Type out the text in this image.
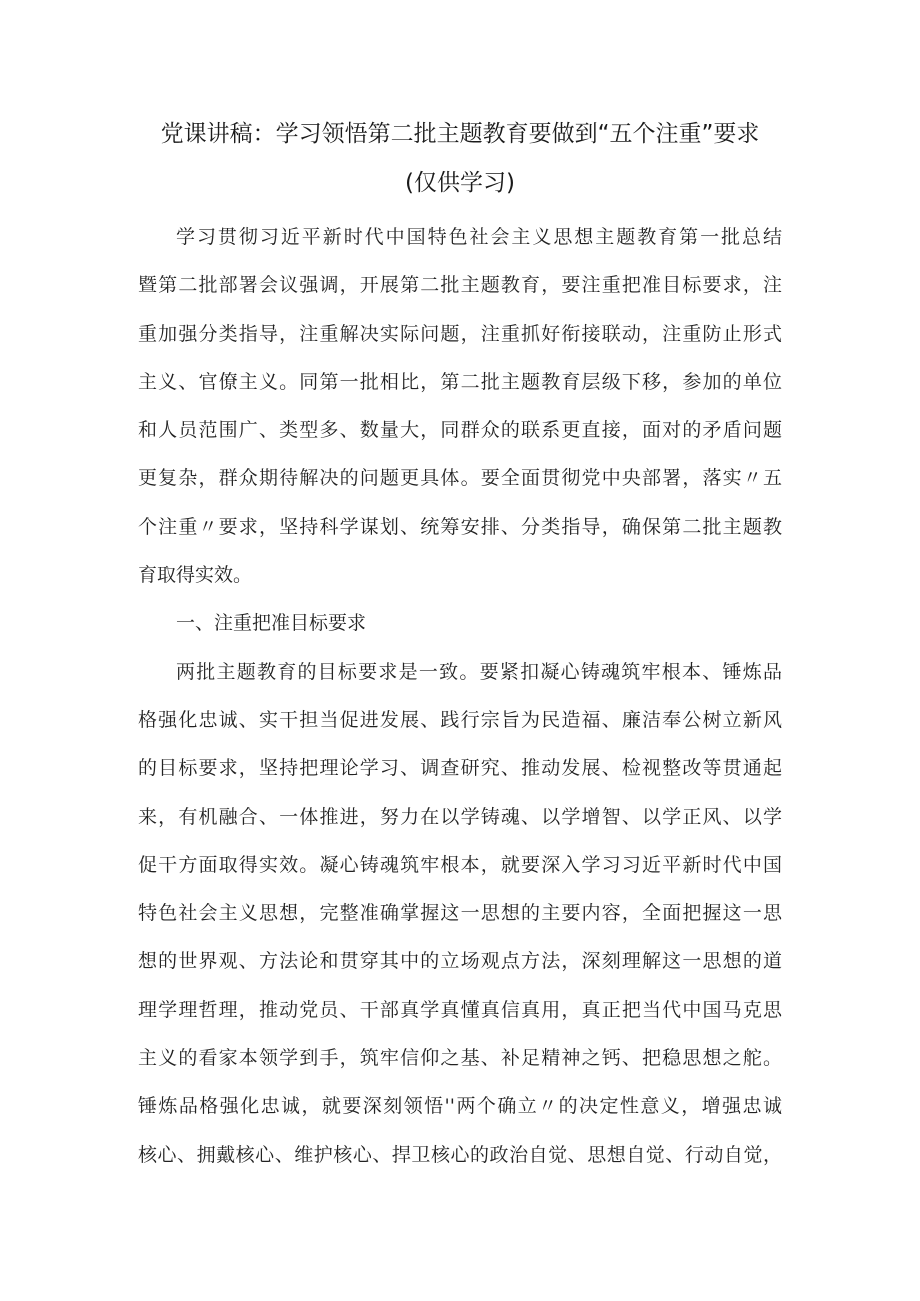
党课讲稿：学习领悟第二批主题教育要做到“五个注重”要求
(仅供学习)
学习贯彻习近平新时代中国特色社会主义思想主题教育第一批总结
暨第二批部署会议强调，开展第二批主题教育，要注重把准目标要求，注
重加强分类指导，注重解决实际问题，注重抓好衔接联动，注重防止形式
主义、官僚主义。同第一批相比，第二批主题教育层级下移，参加的单位
和人员范围广、类型多、数量大，同群众的联系更直接，面对的矛盾问题
更复杂，群众期待解决的问题更具体。要全面贯彻党中央部署，落实〃五
个注重〃要求，坚持科学谋划、统筹安排、分类指导，确保第二批主题教
育取得实效。
一、注重把准目标要求
两批主题教育的目标要求是一致。要紧扣凝心铸魂筑牢根本、锤炼品
格强化忠诚、实干担当促进发展、践行宗旨为民造福、廉洁奉公树立新风
的目标要求，坚持把理论学习、调查研究、推动发展、检视整改等贯通起
来，有机融合、一体推进，努力在以学铸魂、以学增智、以学正风、以学
促干方面取得实效。凝心铸魂筑牢根本，就要深入学习习近平新时代中国
特色社会主义思想，完整准确掌握这一思想的主要内容，全面把握这一思
想的世界观、方法论和贯穿其中的立场观点方法，深刻理解这一思想的道
理学理哲理，推动党员、干部真学真懂真信真用，真正把当代中国马克思
主义的看家本领学到手，筑牢信仰之基、补足精神之钙、把稳思想之舵。
锤炼品格强化忠诚，就要深刻领悟''两个确立〃的决定性意义，增强忠诚
核心、拥戴核心、维护核心、捍卫核心的政治自觉、思想自觉、行动自觉，
